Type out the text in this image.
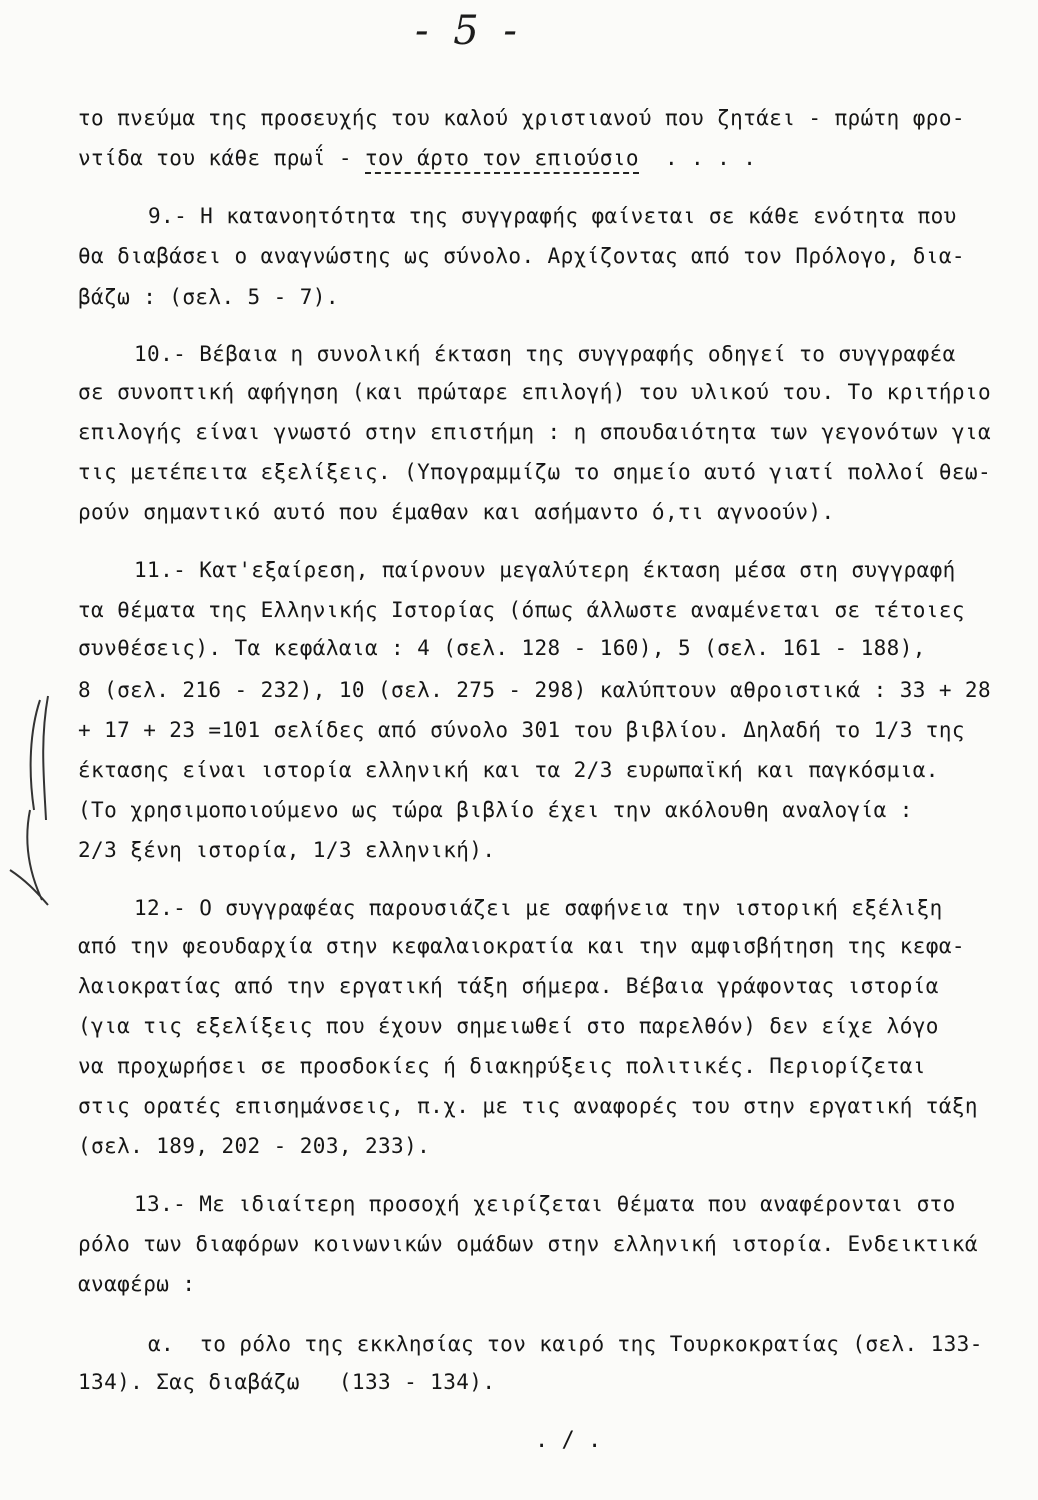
- 5 -
το πνεύμα της προσευχής του καλού χριστιανού που ζητάει - πρώτη φρο-
ντίδα του κάθε πρωΐ - τον άρτο τον επιούσιο  . . . .
9.- Η κατανοητότητα της συγγραφής φαίνεται σε κάθε ενότητα που
θα διαβάσει ο αναγνώστης ως σύνολο. Αρχίζοντας από τον Πρόλογο, δια-
βάζω : (σελ. 5 - 7).
10.- Βέβαια η συνολική έκταση της συγγραφής οδηγεί το συγγραφέα
σε συνοπτική αφήγηση (και πρώταρε επιλογή) του υλικού του. Το κριτήριο
επιλογής είναι γνωστό στην επιστήμη : η σπουδαιότητα των γεγονότων για
τις μετέπειτα εξελίξεις. (Υπογραμμίζω το σημείο αυτό γιατί πολλοί θεω-
ρούν σημαντικό αυτό που έμαθαν και ασήμαντο ό,τι αγνοούν).
11.- Κατ'εξαίρεση, παίρνουν μεγαλύτερη έκταση μέσα στη συγγραφή
τα θέματα της Ελληνικής Ιστορίας (όπως άλλωστε αναμένεται σε τέτοιες
συνθέσεις). Τα κεφάλαια : 4 (σελ. 128 - 160), 5 (σελ. 161 - 188),
8 (σελ. 216 - 232), 10 (σελ. 275 - 298) καλύπτουν αθροιστικά : 33 + 28
+ 17 + 23 =101 σελίδες από σύνολο 301 του βιβλίου. Δηλαδή το 1/3 της
έκτασης είναι ιστορία ελληνική και τα 2/3 ευρωπαϊκή και παγκόσμια.
(Το χρησιμοποιούμενο ως τώρα βιβλίο έχει την ακόλουθη αναλογία :
2/3 ξένη ιστορία, 1/3 ελληνική).
12.- Ο συγγραφέας παρουσιάζει με σαφήνεια την ιστορική εξέλιξη
από την φεουδαρχία στην κεφαλαιοκρατία και την αμφισβήτηση της κεφα-
λαιοκρατίας από την εργατική τάξη σήμερα. Βέβαια γράφοντας ιστορία
(για τις εξελίξεις που έχουν σημειωθεί στο παρελθόν) δεν είχε λόγο
να προχωρήσει σε προσδοκίες ή διακηρύξεις πολιτικές. Περιορίζεται
στις ορατές επισημάνσεις, π.χ. με τις αναφορές του στην εργατική τάξη
(σελ. 189, 202 - 203, 233).
13.- Με ιδιαίτερη προσοχή χειρίζεται θέματα που αναφέρονται στο
ρόλο των διαφόρων κοινωνικών ομάδων στην ελληνική ιστορία. Ενδεικτικά
αναφέρω :
α.  το ρόλο της εκκλησίας τον καιρό της Τουρκοκρατίας (σελ. 133-
134). Σας διαβάζω   (133 - 134).
. / .
